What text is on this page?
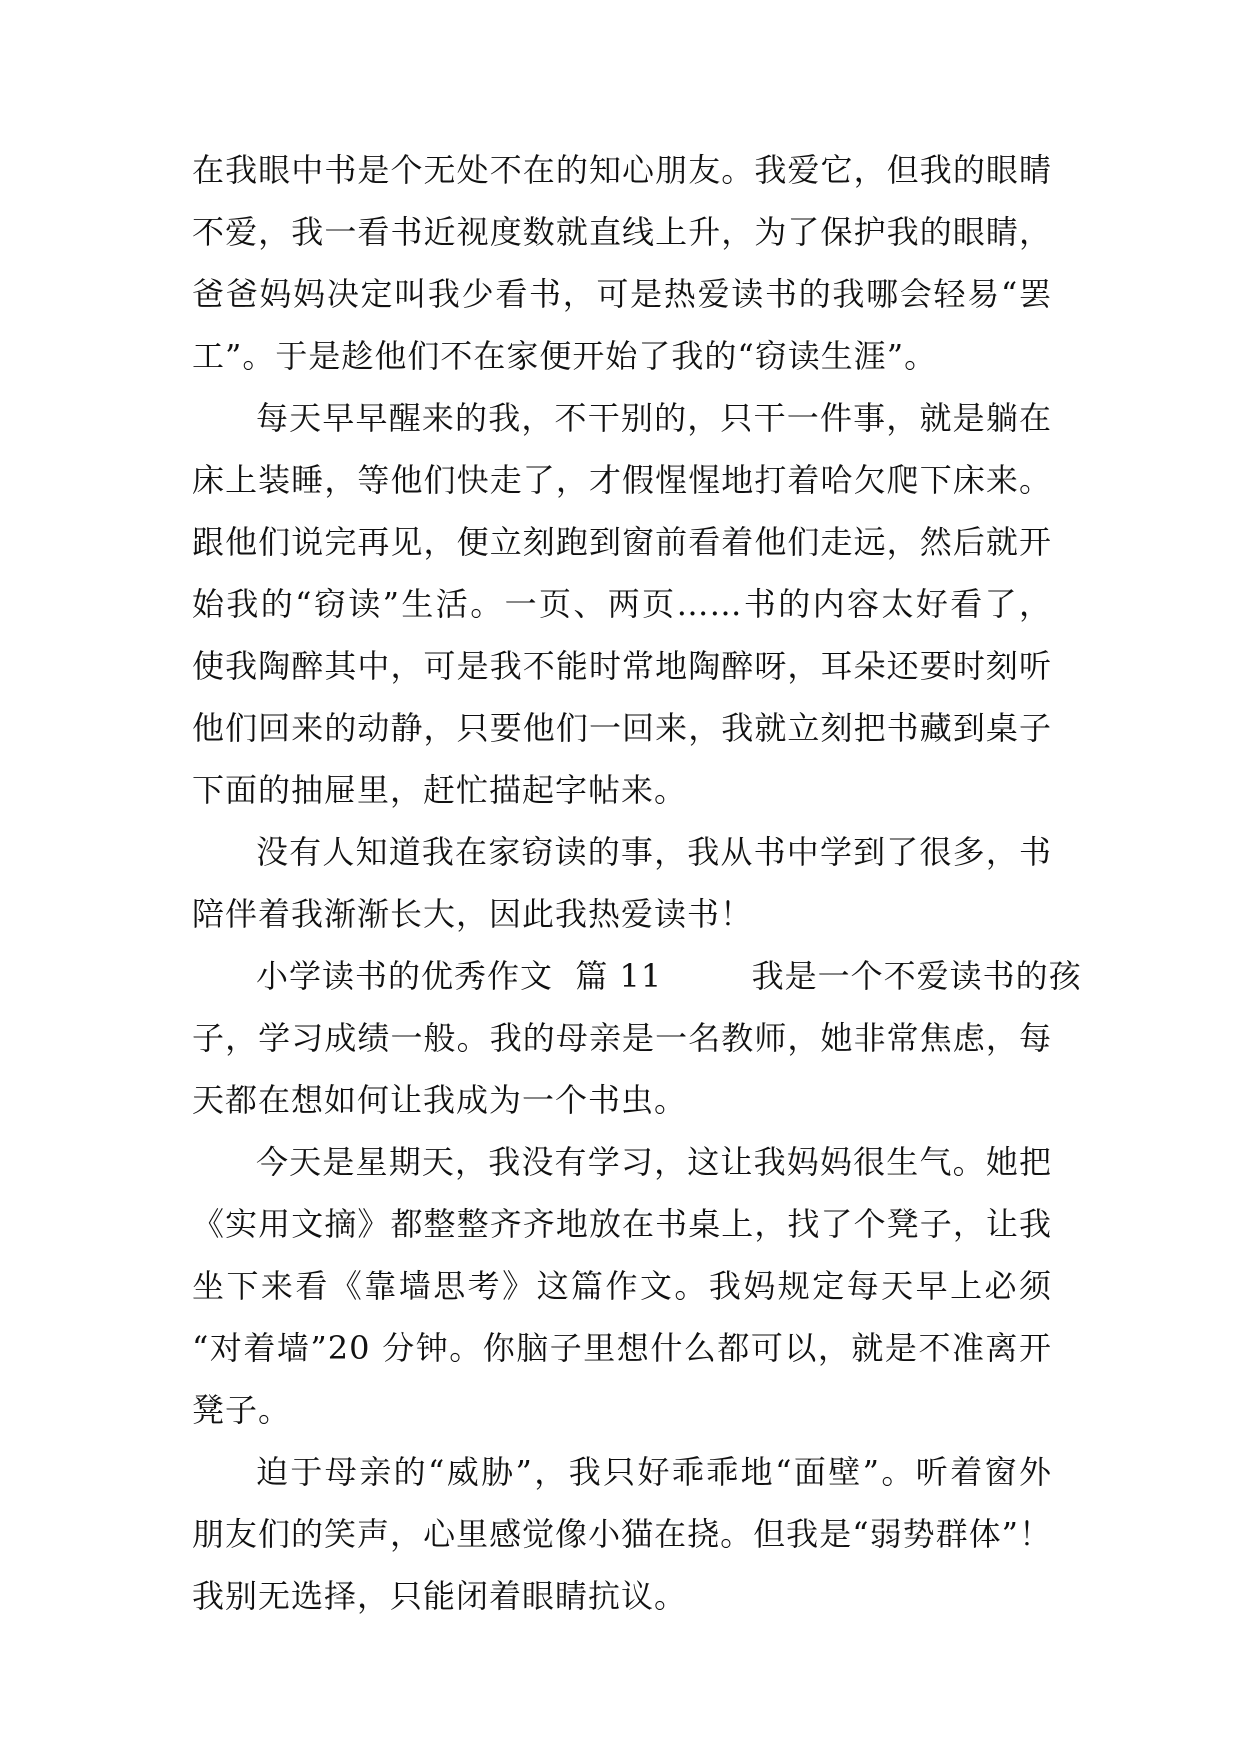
在我眼中书是个无处不在的知心朋友。我爱它，但我的眼睛
不爱，我一看书近视度数就直线上升，为了保护我的眼睛，
爸爸妈妈决定叫我少看书，可是热爱读书的我哪会轻易“罢
工”。于是趁他们不在家便开始了我的“窃读生涯”。
每天早早醒来的我，不干别的，只干一件事，就是躺在
床上装睡，等他们快走了，才假惺惺地打着哈欠爬下床来。
跟他们说完再见，便立刻跑到窗前看着他们走远，然后就开
始我的“窃读”生活。一页、两页……书的内容太好看了，
使我陶醉其中，可是我不能时常地陶醉呀，耳朵还要时刻听
他们回来的动静，只要他们一回来，我就立刻把书藏到桌子
下面的抽屉里，赶忙描起字帖来。
没有人知道我在家窃读的事，我从书中学到了很多，书
陪伴着我渐渐长大，因此我热爱读书！
小学读书的优秀作文  篇 11        我是一个不爱读书的孩
子，学习成绩一般。我的母亲是一名教师，她非常焦虑，每
天都在想如何让我成为一个书虫。
今天是星期天，我没有学习，这让我妈妈很生气。她把
《实用文摘》都整整齐齐地放在书桌上，找了个凳子，让我
坐下来看《靠墙思考》这篇作文。我妈规定每天早上必须
“对着墙”20 分钟。你脑子里想什么都可以，就是不准离开
凳子。
迫于母亲的“威胁”，我只好乖乖地“面壁”。听着窗外
朋友们的笑声，心里感觉像小猫在挠。但我是“弱势群体”！
我别无选择，只能闭着眼睛抗议。
